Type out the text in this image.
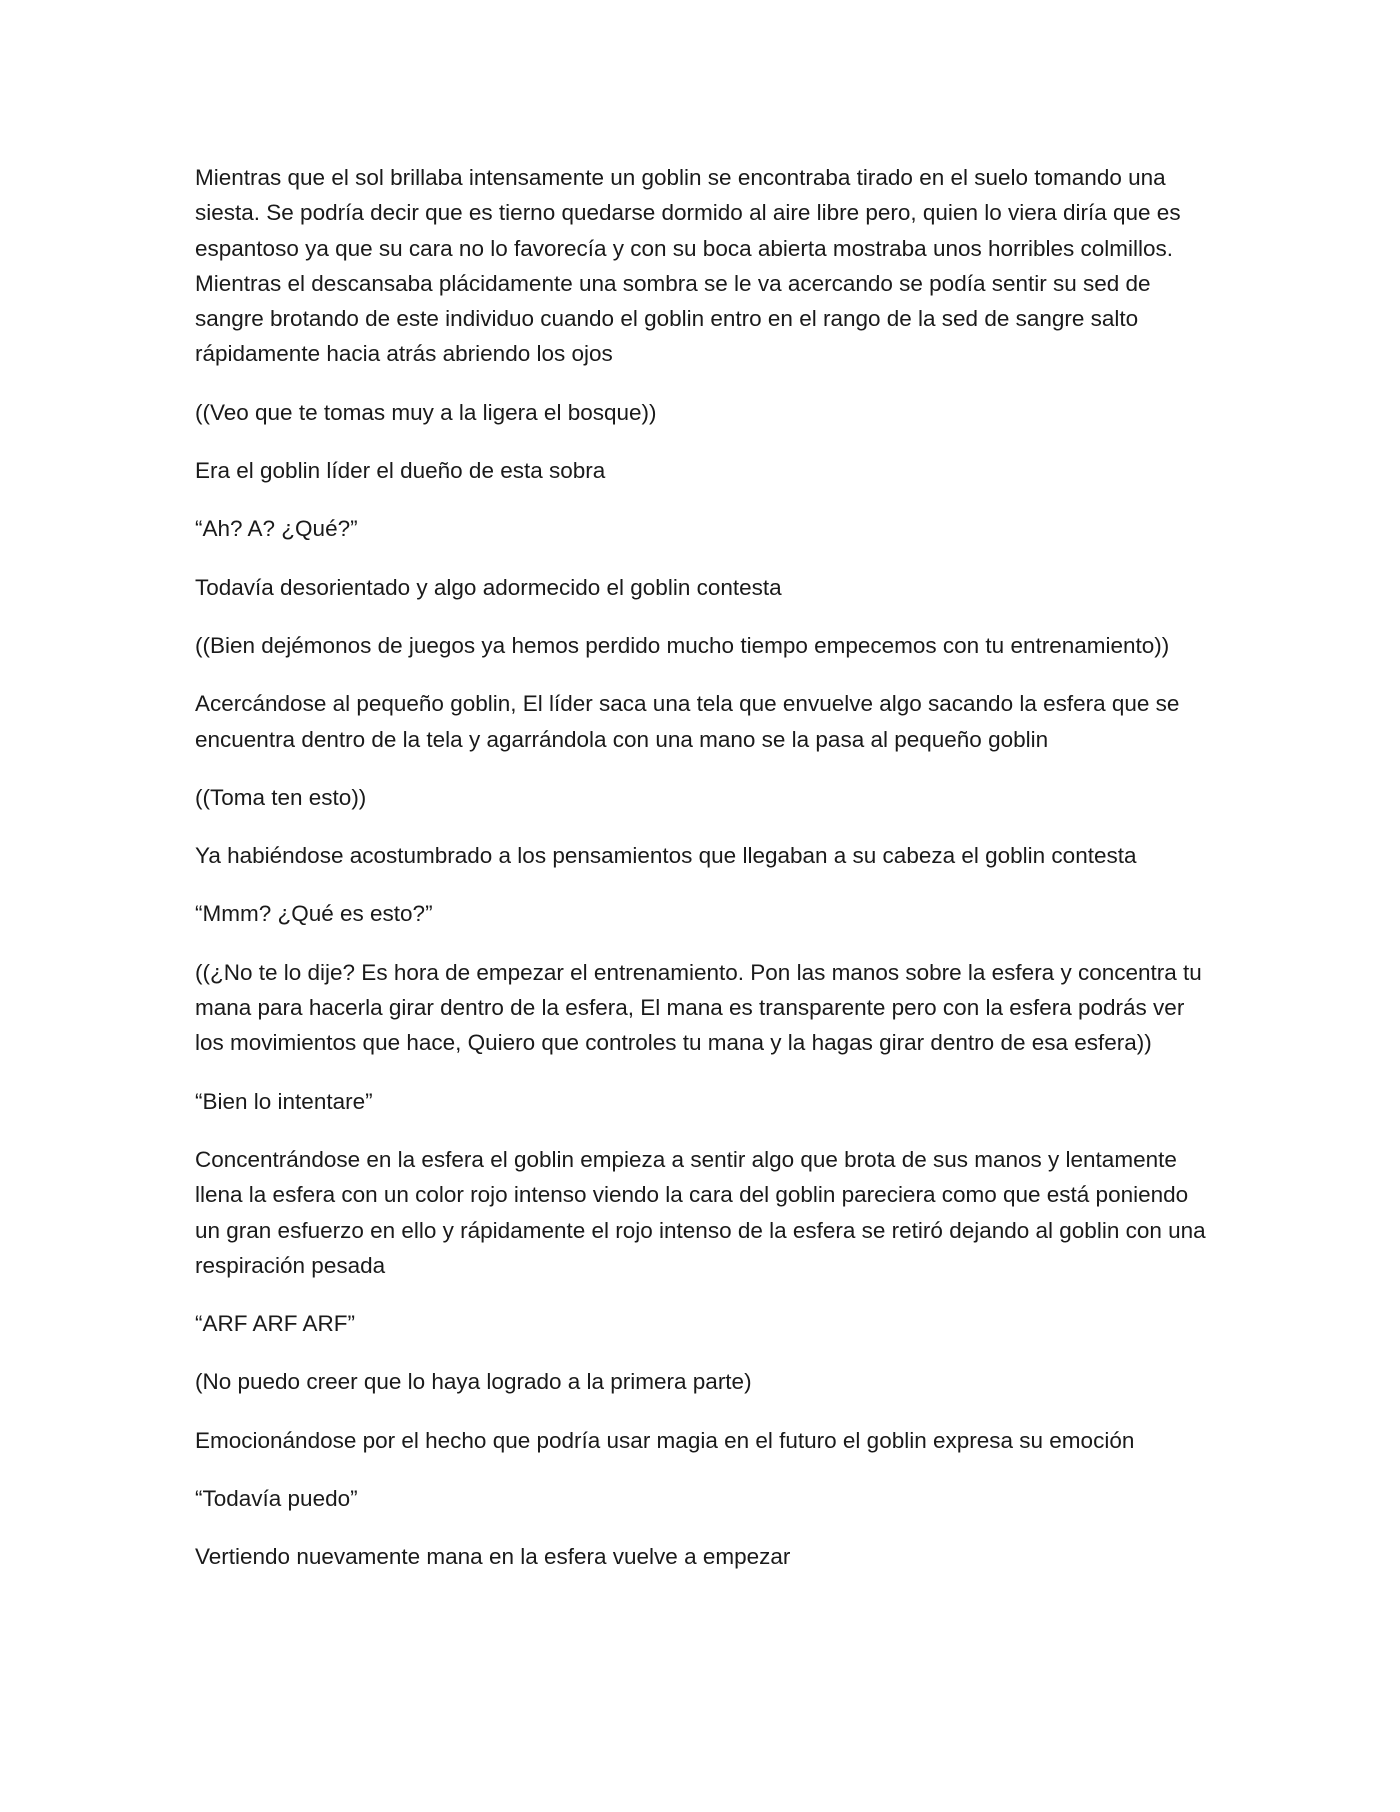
Mientras que el sol brillaba intensamente un goblin se encontraba tirado en el suelo tomando una siesta. Se podría decir que es tierno quedarse dormido al aire libre pero, quien lo viera diría que es espantoso ya que su cara no lo favorecía y con su boca abierta mostraba unos horribles colmillos. Mientras el descansaba plácidamente una sombra se le va acercando se podía sentir su sed de sangre brotando de este individuo cuando el goblin entro en el rango de la sed de sangre salto rápidamente hacia atrás abriendo los ojos

((Veo que te tomas muy a la ligera el bosque))

Era el goblin líder el dueño de esta sobra

“Ah? A? ¿Qué?”

Todavía desorientado y algo adormecido el goblin contesta

((Bien dejémonos de juegos ya hemos perdido mucho tiempo empecemos con tu entrenamiento))

Acercándose al pequeño goblin, El líder saca una tela que envuelve algo sacando la esfera que se encuentra dentro de la tela y agarrándola con una mano se la pasa al pequeño goblin

((Toma ten esto))

Ya habiéndose acostumbrado a los pensamientos que llegaban a su cabeza el goblin contesta

“Mmm? ¿Qué es esto?”

((¿No te lo dije? Es hora de empezar el entrenamiento. Pon las manos sobre la esfera y concentra tu mana para hacerla girar dentro de la esfera, El mana es transparente pero con la esfera podrás ver los movimientos que hace, Quiero que controles tu mana y la hagas girar dentro de esa esfera))

“Bien lo intentare”

Concentrándose en la esfera el goblin empieza a sentir algo que brota de sus manos y lentamente llena la esfera con un color rojo intenso viendo la cara del goblin pareciera como que está poniendo un gran esfuerzo en ello y rápidamente el rojo intenso de la esfera se retiró dejando al goblin con una respiración pesada

“ARF ARF ARF”

(No puedo creer que lo haya logrado a la primera parte)

Emocionándose por el hecho que podría usar magia en el futuro el goblin expresa su emoción

“Todavía puedo”

Vertiendo nuevamente mana en la esfera vuelve a empezar
